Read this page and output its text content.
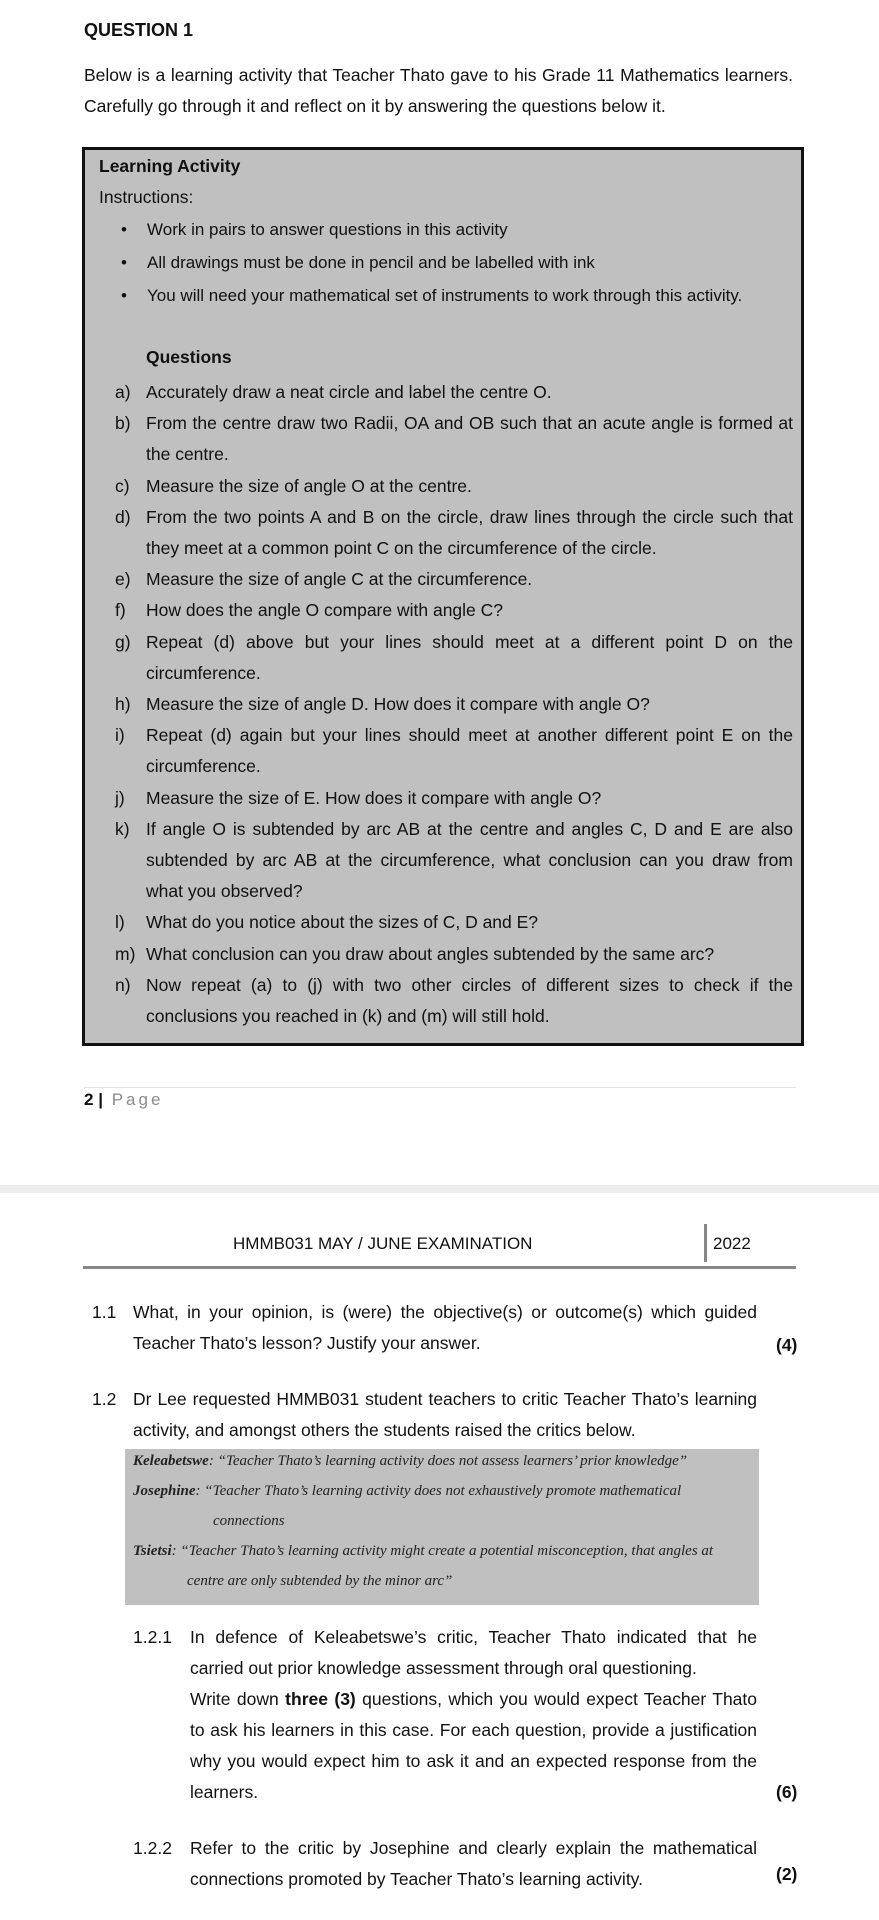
QUESTION 1
Below is a learning activity that Teacher Thato gave to his Grade 11 Mathematics learners. Carefully go through it and reflect on it by answering the questions below it.
Learning Activity
Instructions:
• Work in pairs to answer questions in this activity
• All drawings must be done in pencil and be labelled with ink
• You will need your mathematical set of instruments to work through this activity.
Questions
a) Accurately draw a neat circle and label the centre O.
b) From the centre draw two Radii, OA and OB such that an acute angle is formed at the centre.
c) Measure the size of angle O at the centre.
d) From the two points A and B on the circle, draw lines through the circle such that they meet at a common point C on the circumference of the circle.
e) Measure the size of angle C at the circumference.
f) How does the angle O compare with angle C?
g) Repeat (d) above but your lines should meet at a different point D on the circumference.
h) Measure the size of angle D. How does it compare with angle O?
i) Repeat (d) again but your lines should meet at another different point E on the circumference.
j) Measure the size of E. How does it compare with angle O?
k) If angle O is subtended by arc AB at the centre and angles C, D and E are also subtended by arc AB at the circumference, what conclusion can you draw from what you observed?
l) What do you notice about the sizes of C, D and E?
m) What conclusion can you draw about angles subtended by the same arc?
n) Now repeat (a) to (j) with two other circles of different sizes to check if the conclusions you reached in (k) and (m) will still hold.
2 | Page
HMMB031 MAY / JUNE EXAMINATION	2022
1.1 What, in your opinion, is (were) the objective(s) or outcome(s) which guided Teacher Thato’s lesson? Justify your answer.	(4)
1.2 Dr Lee requested HMMB031 student teachers to critic Teacher Thato’s learning activity, and amongst others the students raised the critics below.
Keleabetswe: “Teacher Thato’s learning activity does not assess learners’ prior knowledge”
Josephine: “Teacher Thato’s learning activity does not exhaustively promote mathematical
connections
Tsietsi: “Teacher Thato’s learning activity might create a potential misconception, that angles at
centre are only subtended by the minor arc”
1.2.1 In defence of Keleabetswe’s critic, Teacher Thato indicated that he carried out prior knowledge assessment through oral questioning.
Write down three (3) questions, which you would expect Teacher Thato to ask his learners in this case. For each question, provide a justification why you would expect him to ask it and an expected response from the learners.	(6)
1.2.2 Refer to the critic by Josephine and clearly explain the mathematical connections promoted by Teacher Thato’s learning activity.	(2)
